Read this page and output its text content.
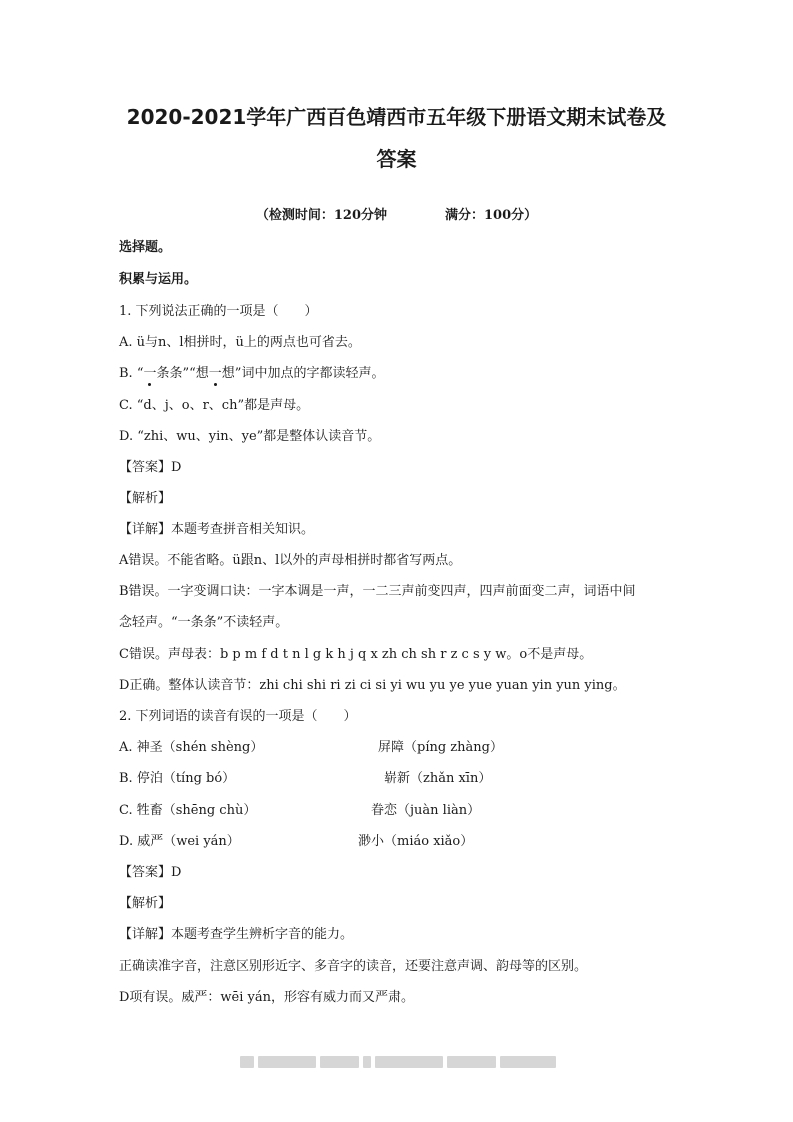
2020-2021学年广西百色靖西市五年级下册语文期末试卷及
答案
（检测时间：120分钟	满分：100分）
选择题。
积累与运用。
1. 下列说法正确的一项是（　　）
A. ü与n、l相拼时，ü上的两点也可省去。
B. “一条条”“想一想”词中加点的字都读轻声。
C. “d、j、o、r、ch”都是声母。
D. “zhi、wu、yin、ye”都是整体认读音节。
【答案】D
【解析】
【详解】本题考查拼音相关知识。
A错误。不能省略。ü跟n、l以外的声母相拼时都省写两点。
B错误。一字变调口诀：一字本调是一声，一二三声前变四声，四声前面变二声，词语中间
念轻声。“一条条”不读轻声。
C错误。声母表：b p m f d t n l g k h j q x zh ch sh r z c s y w。o不是声母。
D正确。整体认读音节：zhi chi shi ri zi ci si yi wu yu ye yue yuan yin yun ying。
2. 下列词语的读音有误的一项是（　　）
A. 神圣（shén shèng）	屏障（píng zhàng）
B. 停泊（tíng bó）	崭新（zhǎn xīn）
C. 牲畜（shēng chù）	眷恋（juàn liàn）
D. 威严（wei yán）	渺小（miáo xiǎo）
【答案】D
【解析】
【详解】本题考查学生辨析字音的能力。
正确读准字音，注意区别形近字、多音字的读音，还要注意声调、韵母等的区别。
D项有误。威严：wēi yán，形容有威力而又严肃。
